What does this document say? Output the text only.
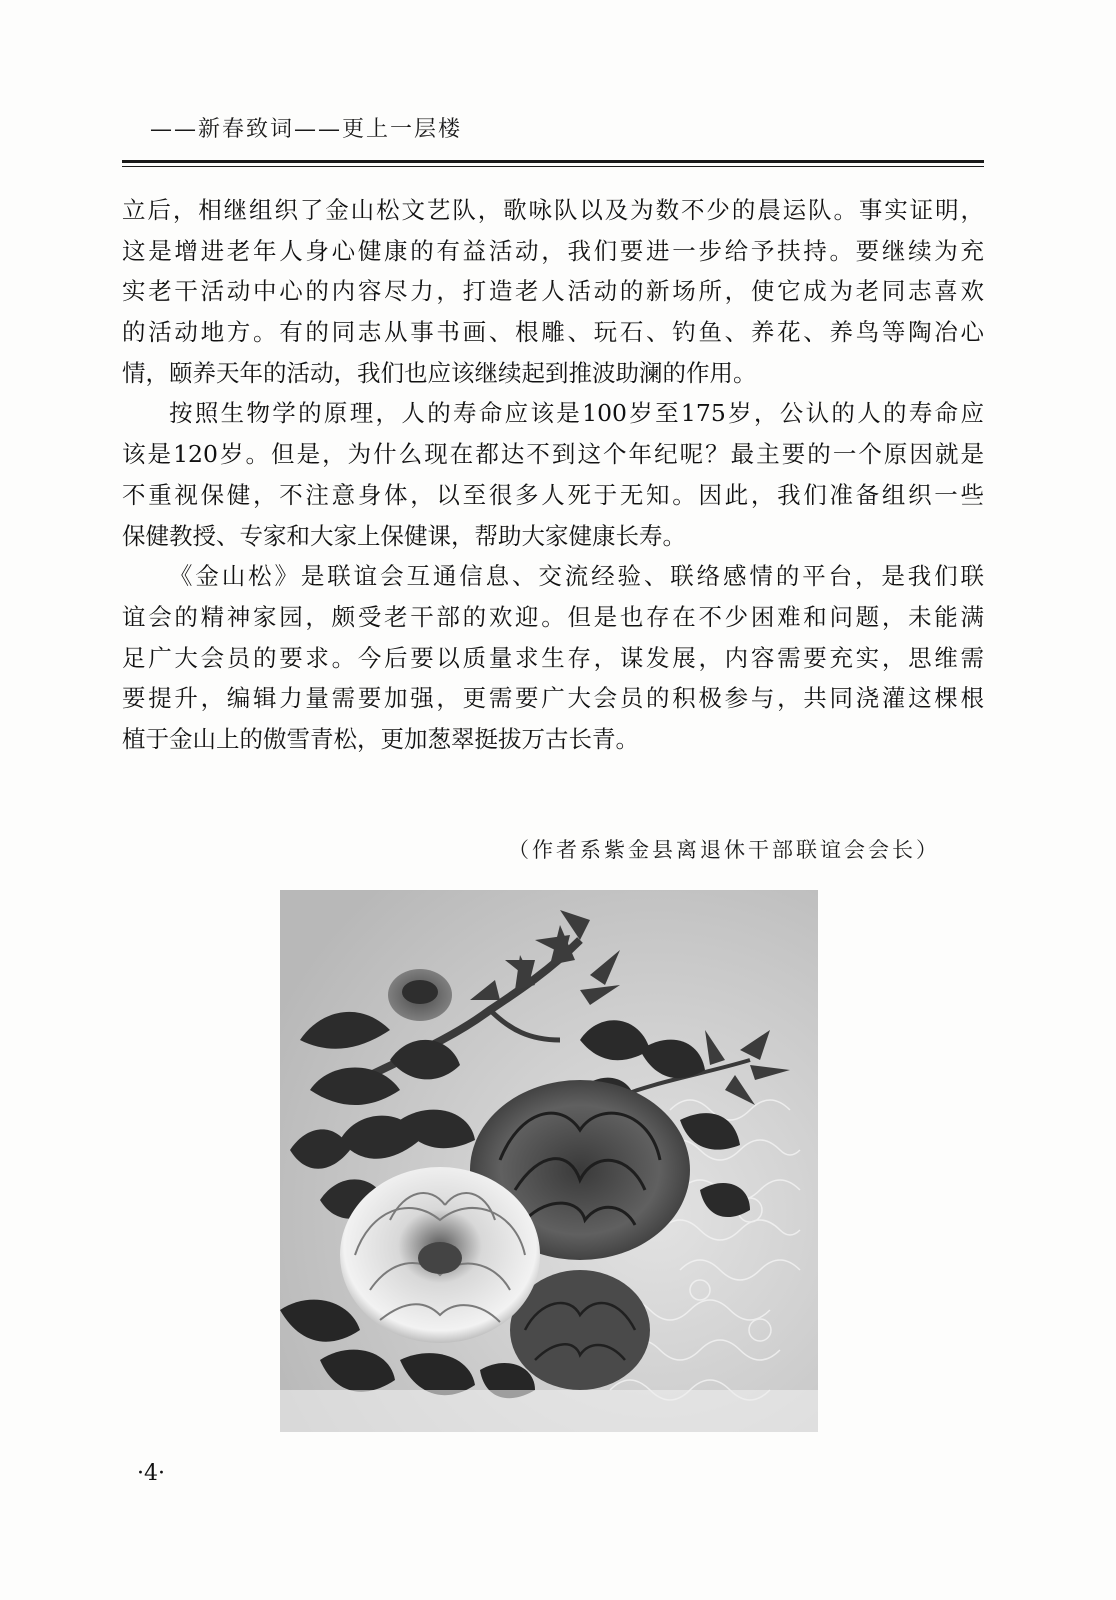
——新春致词——更上一层楼
立后，相继组织了金山松文艺队，歌咏队以及为数不少的晨运队。事实证明，
这是增进老年人身心健康的有益活动，我们要进一步给予扶持。要继续为充
实老干活动中心的内容尽力，打造老人活动的新场所，使它成为老同志喜欢
的活动地方。有的同志从事书画、根雕、玩石、钓鱼、养花、养鸟等陶冶心
情，颐养天年的活动，我们也应该继续起到推波助澜的作用。
按照生物学的原理，人的寿命应该是100岁至175岁，公认的人的寿命应
该是120岁。但是，为什么现在都达不到这个年纪呢？最主要的一个原因就是
不重视保健，不注意身体，以至很多人死于无知。因此，我们准备组织一些
保健教授、专家和大家上保健课，帮助大家健康长寿。
《金山松》是联谊会互通信息、交流经验、联络感情的平台，是我们联
谊会的精神家园，颇受老干部的欢迎。但是也存在不少困难和问题，未能满
足广大会员的要求。今后要以质量求生存，谋发展，内容需要充实，思维需
要提升，编辑力量需要加强，更需要广大会员的积极参与，共同浇灌这棵根
植于金山上的傲雪青松，更加葱翠挺拔万古长青。
（作者系紫金县离退休干部联谊会会长）
·4·
